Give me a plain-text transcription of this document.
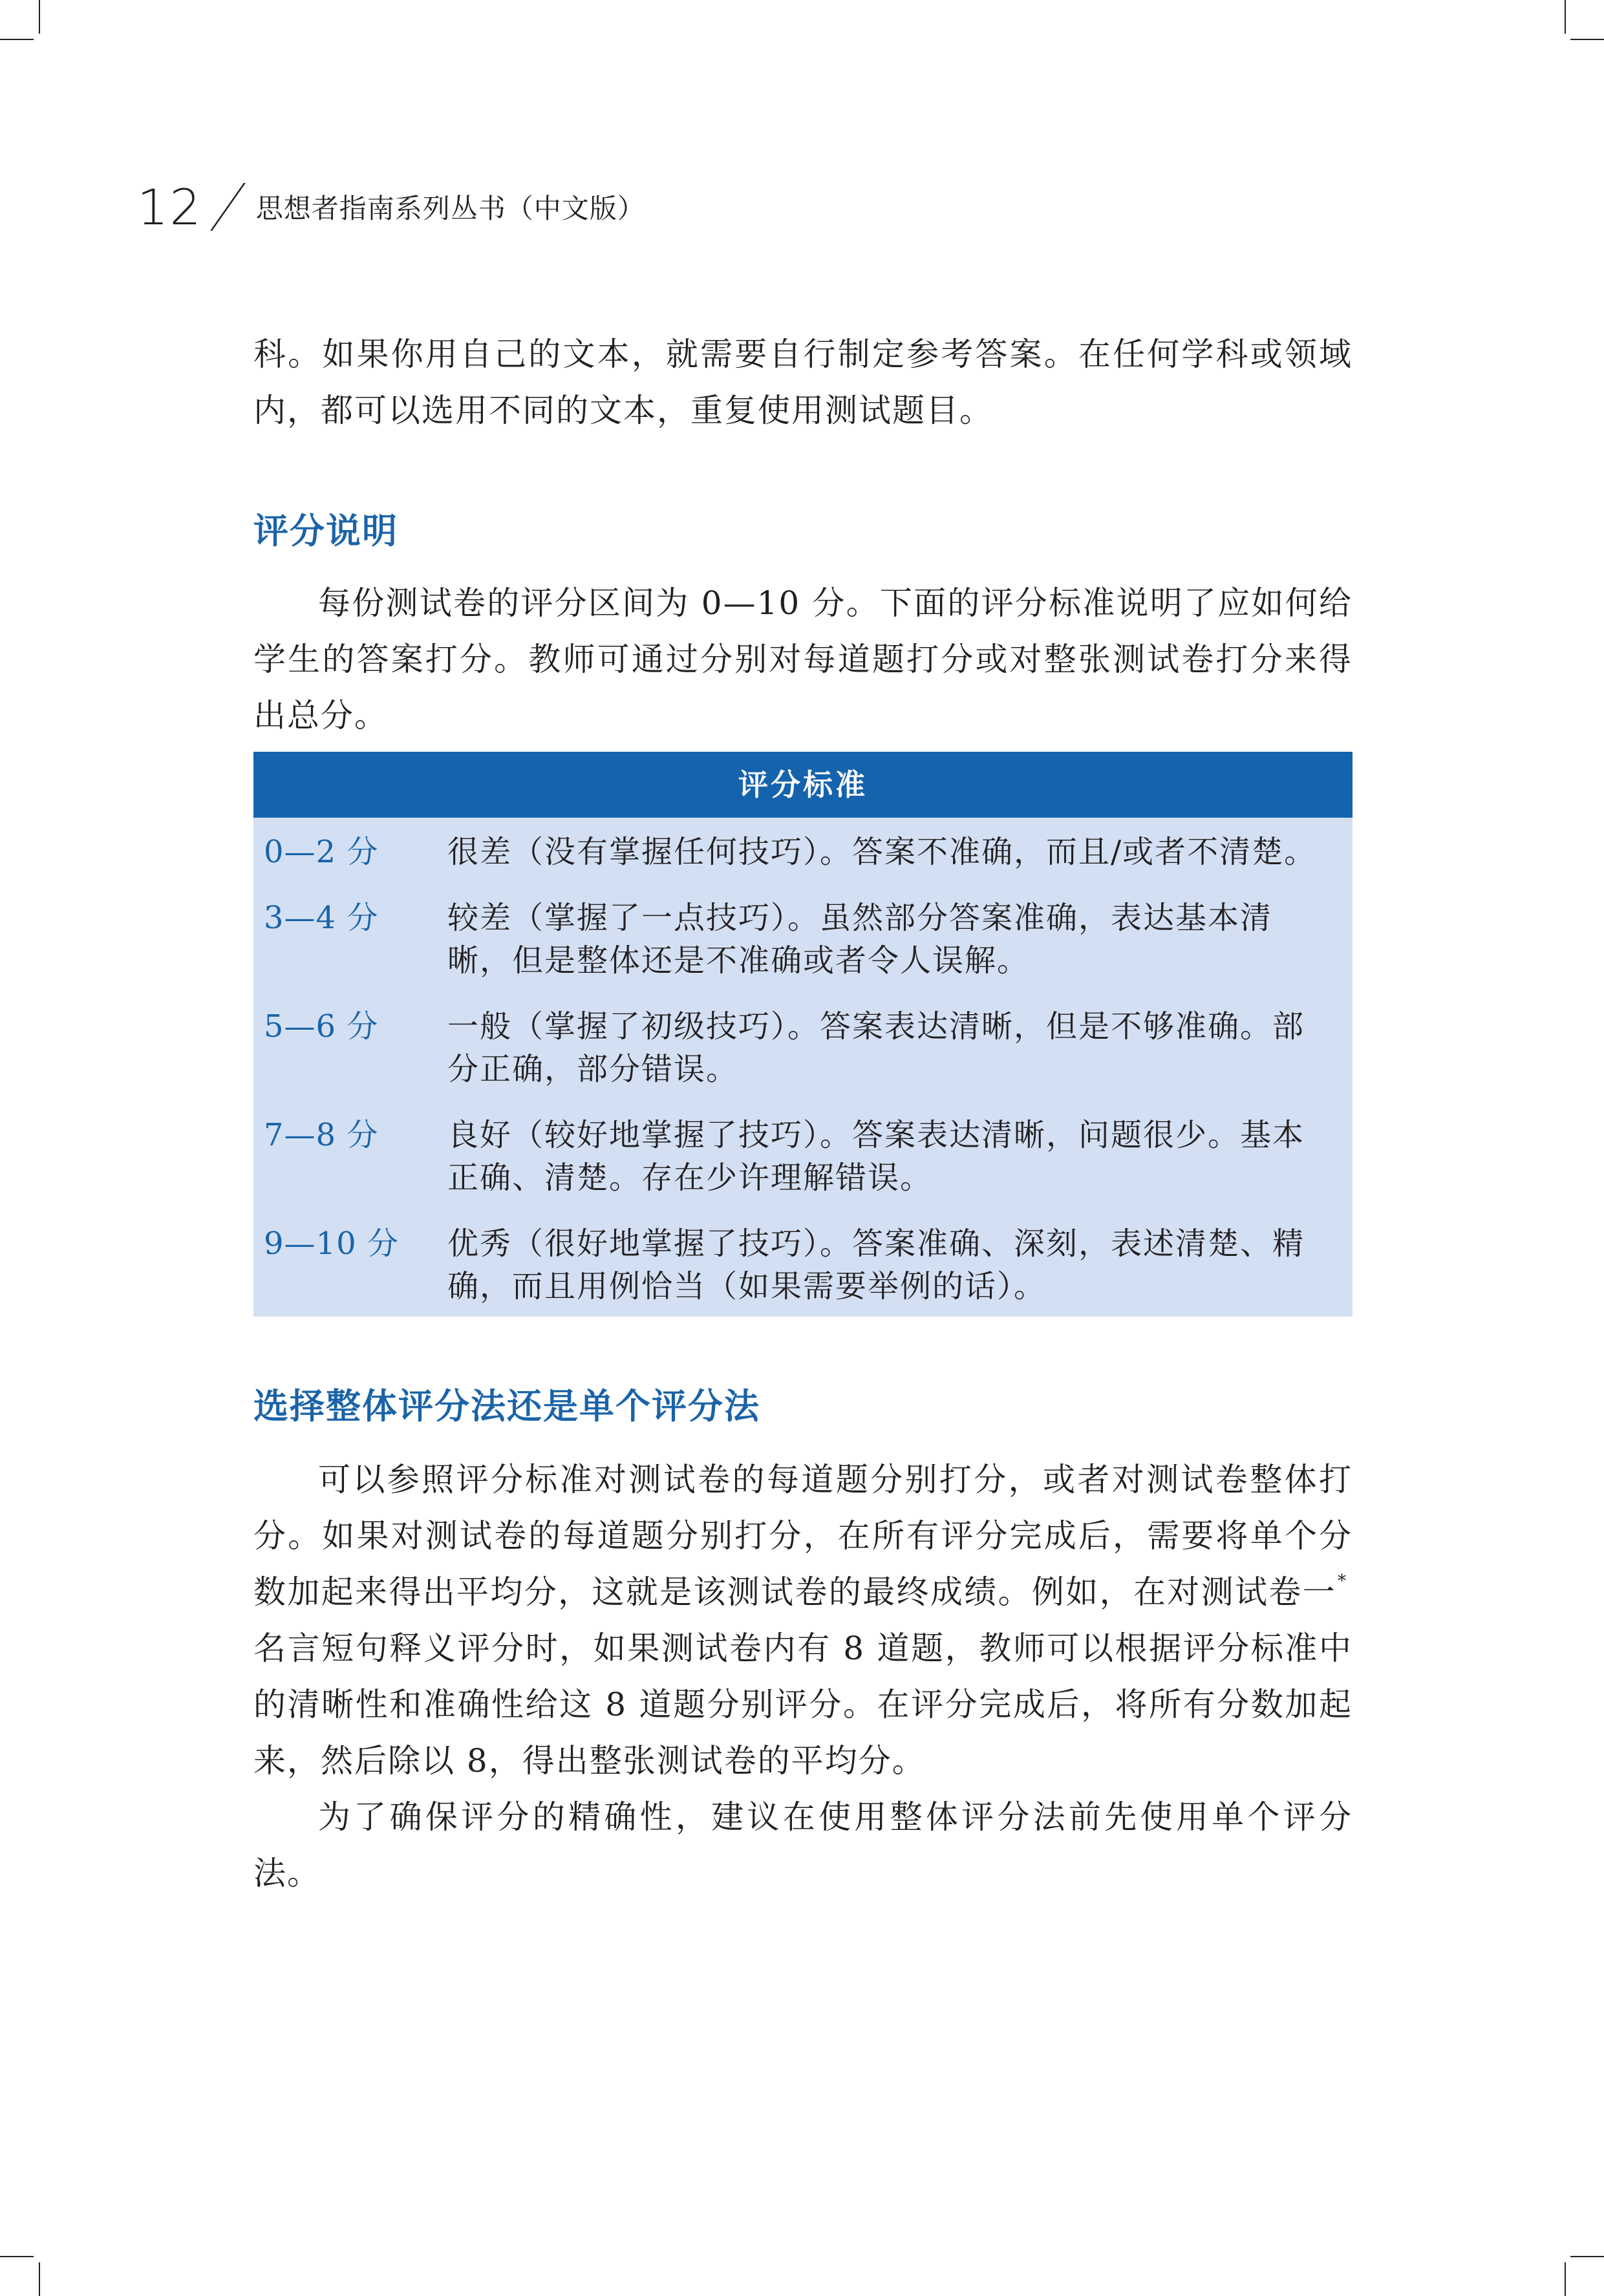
12 思想者指南系列丛书（中文版）

科。如果你用自己的文本，就需要自行制定参考答案。在任何学科或领域内，都可以选用不同的文本，重复使用测试题目。

评分说明

每份测试卷的评分区间为 0—10 分。下面的评分标准说明了应如何给学生的答案打分。教师可通过分别对每道题打分或对整张测试卷打分来得出总分。

评分标准
0—2 分	很差（没有掌握任何技巧）。答案不准确，而且/或者不清楚。
3—4 分	较差（掌握了一点技巧）。虽然部分答案准确，表达基本清晰，但是整体还是不准确或者令人误解。
5—6 分	一般（掌握了初级技巧）。答案表达清晰，但是不够准确。部分正确，部分错误。
7—8 分	良好（较好地掌握了技巧）。答案表达清晰，问题很少。基本正确、清楚。存在少许理解错误。
9—10 分	优秀（很好地掌握了技巧）。答案准确、深刻，表述清楚、精确，而且用例恰当（如果需要举例的话）。
选择整体评分法还是单个评分法

可以参照评分标准对测试卷的每道题分别打分，或者对测试卷整体打分。如果对测试卷的每道题分别打分，在所有评分完成后，需要将单个分数加起来得出平均分，这就是该测试卷的最终成绩。例如，在对测试卷一*名言短句释义评分时，如果测试卷内有 8 道题，教师可以根据评分标准中的清晰性和准确性给这 8 道题分别评分。在评分完成后，将所有分数加起来，然后除以 8，得出整张测试卷的平均分。

为了确保评分的精确性，建议在使用整体评分法前先使用单个评分法。
